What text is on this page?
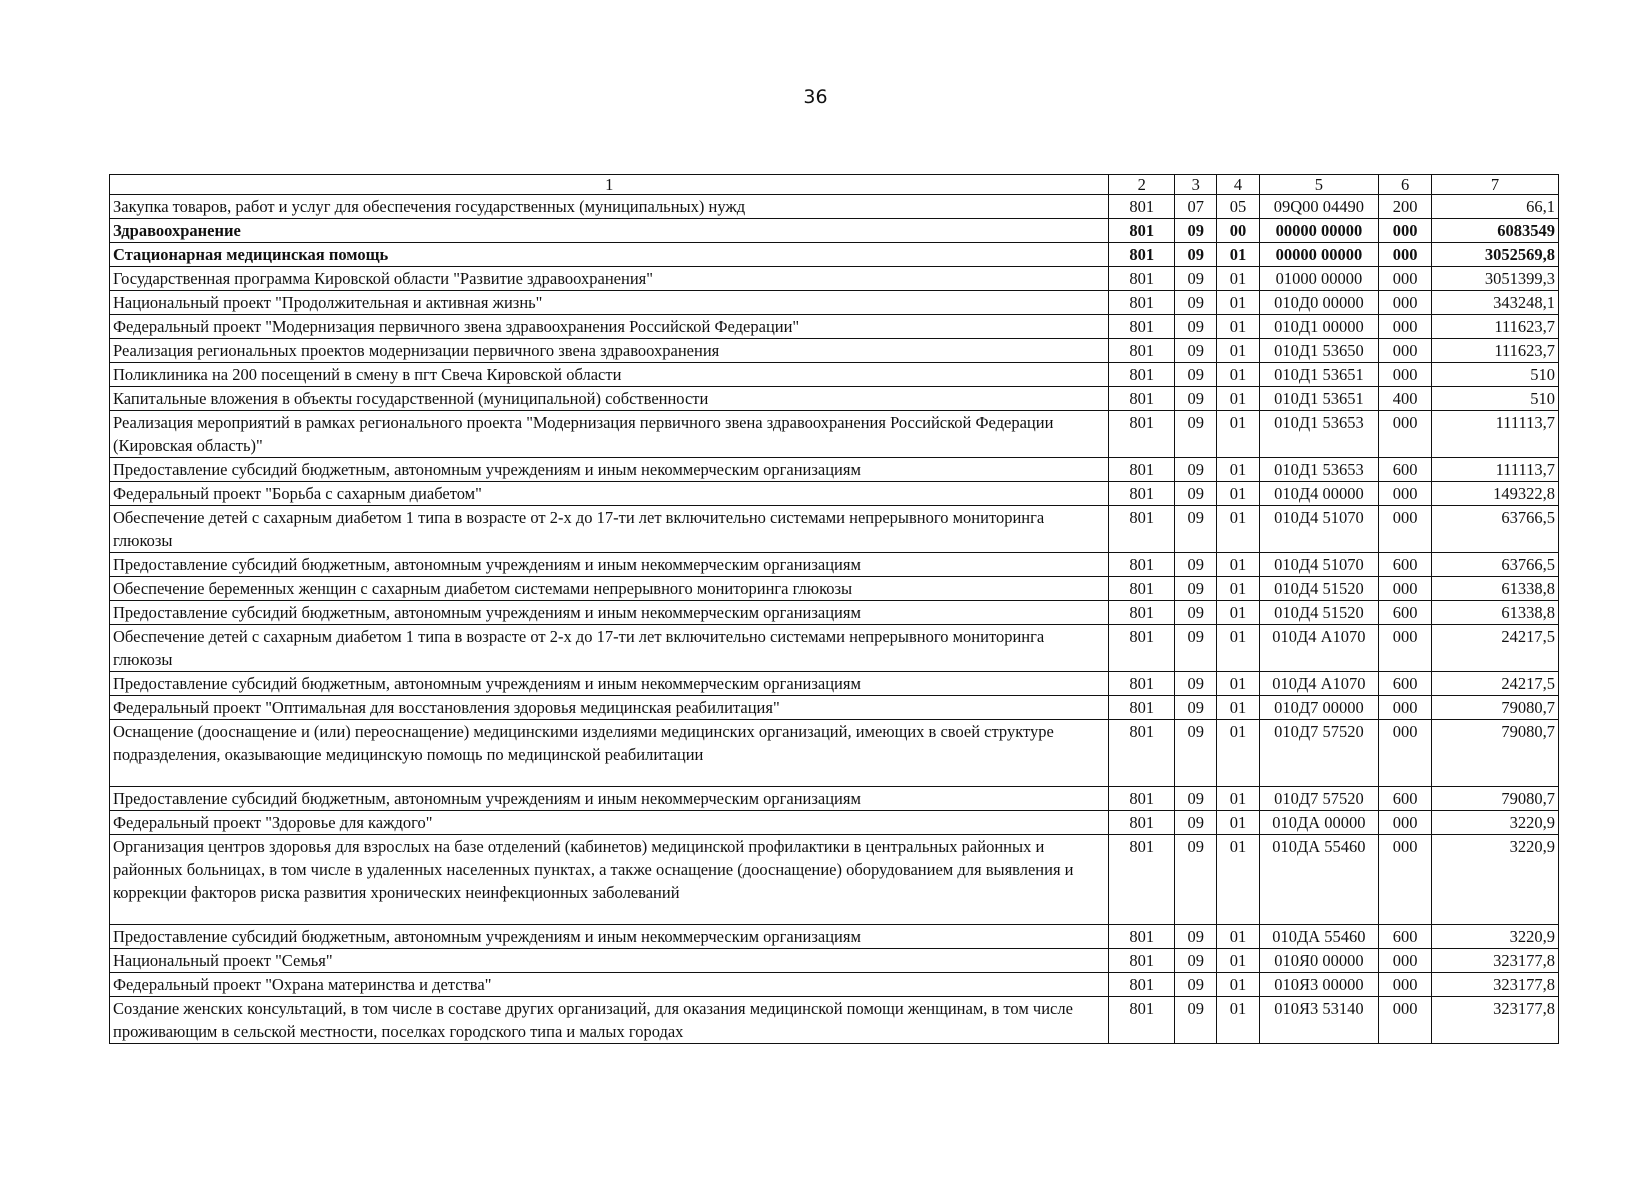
36
1	2	3	4	5	6	7
Закупка товаров, работ и услуг для обеспечения государственных (муниципальных) нужд	801	07	05	09Q00 04490	200	66,1
Здравоохранение	801	09	00	00000 00000	000	6083549
Стационарная медицинская помощь	801	09	01	00000 00000	000	3052569,8
Государственная программа Кировской области "Развитие здравоохранения"	801	09	01	01000 00000	000	3051399,3
Национальный проект "Продолжительная и активная жизнь"	801	09	01	010Д0 00000	000	343248,1
Федеральный проект "Модернизация первичного звена здравоохранения Российской Федерации"	801	09	01	010Д1 00000	000	111623,7
Реализация региональных проектов модернизации первичного звена здравоохранения	801	09	01	010Д1 53650	000	111623,7
Поликлиника на 200 посещений в смену в пгт Свеча Кировской области	801	09	01	010Д1 53651	000	510
Капитальные вложения в объекты государственной (муниципальной) собственности	801	09	01	010Д1 53651	400	510
Реализация мероприятий в рамках регионального проекта "Модернизация первичного звена здравоохранения Российской Федерации (Кировская область)"	801	09	01	010Д1 53653	000	111113,7
Предоставление субсидий бюджетным, автономным учреждениям и иным некоммерческим организациям	801	09	01	010Д1 53653	600	111113,7
Федеральный проект "Борьба с сахарным диабетом"	801	09	01	010Д4 00000	000	149322,8
Обеспечение детей с сахарным диабетом 1 типа в возрасте от 2-х до 17-ти лет включительно системами непрерывного мониторинга глюкозы	801	09	01	010Д4 51070	000	63766,5
Предоставление субсидий бюджетным, автономным учреждениям и иным некоммерческим организациям	801	09	01	010Д4 51070	600	63766,5
Обеспечение беременных женщин с сахарным диабетом системами непрерывного мониторинга глюкозы	801	09	01	010Д4 51520	000	61338,8
Предоставление субсидий бюджетным, автономным учреждениям и иным некоммерческим организациям	801	09	01	010Д4 51520	600	61338,8
Обеспечение детей с сахарным диабетом 1 типа в возрасте от 2-х до 17-ти лет включительно системами непрерывного мониторинга глюкозы	801	09	01	010Д4 А1070	000	24217,5
Предоставление субсидий бюджетным, автономным учреждениям и иным некоммерческим организациям	801	09	01	010Д4 А1070	600	24217,5
Федеральный проект "Оптимальная для восстановления здоровья медицинская реабилитация"	801	09	01	010Д7 00000	000	79080,7
Оснащение (дооснащение и (или) переоснащение) медицинскими изделиями медицинских организаций, имеющих в своей структуре подразделения, оказывающие медицинскую помощь по медицинской реабилитации	801	09	01	010Д7 57520	000	79080,7
Предоставление субсидий бюджетным, автономным учреждениям и иным некоммерческим организациям	801	09	01	010Д7 57520	600	79080,7
Федеральный проект "Здоровье для каждого"	801	09	01	010ДА 00000	000	3220,9
Организация центров здоровья для взрослых на базе отделений (кабинетов) медицинской профилактики в центральных районных и районных больницах, в том числе в удаленных населенных пунктах, а также оснащение (дооснащение) оборудованием для выявления и коррекции факторов риска развития хронических неинфекционных заболеваний	801	09	01	010ДА 55460	000	3220,9
Предоставление субсидий бюджетным, автономным учреждениям и иным некоммерческим организациям	801	09	01	010ДА 55460	600	3220,9
Национальный проект "Семья"	801	09	01	010Я0 00000	000	323177,8
Федеральный проект "Охрана материнства и детства"	801	09	01	010Я3 00000	000	323177,8
Создание женских консультаций, в том числе в составе других организаций, для оказания медицинской помощи женщинам, в том числе проживающим в сельской местности, поселках городского типа и малых городах	801	09	01	010Я3 53140	000	323177,8
